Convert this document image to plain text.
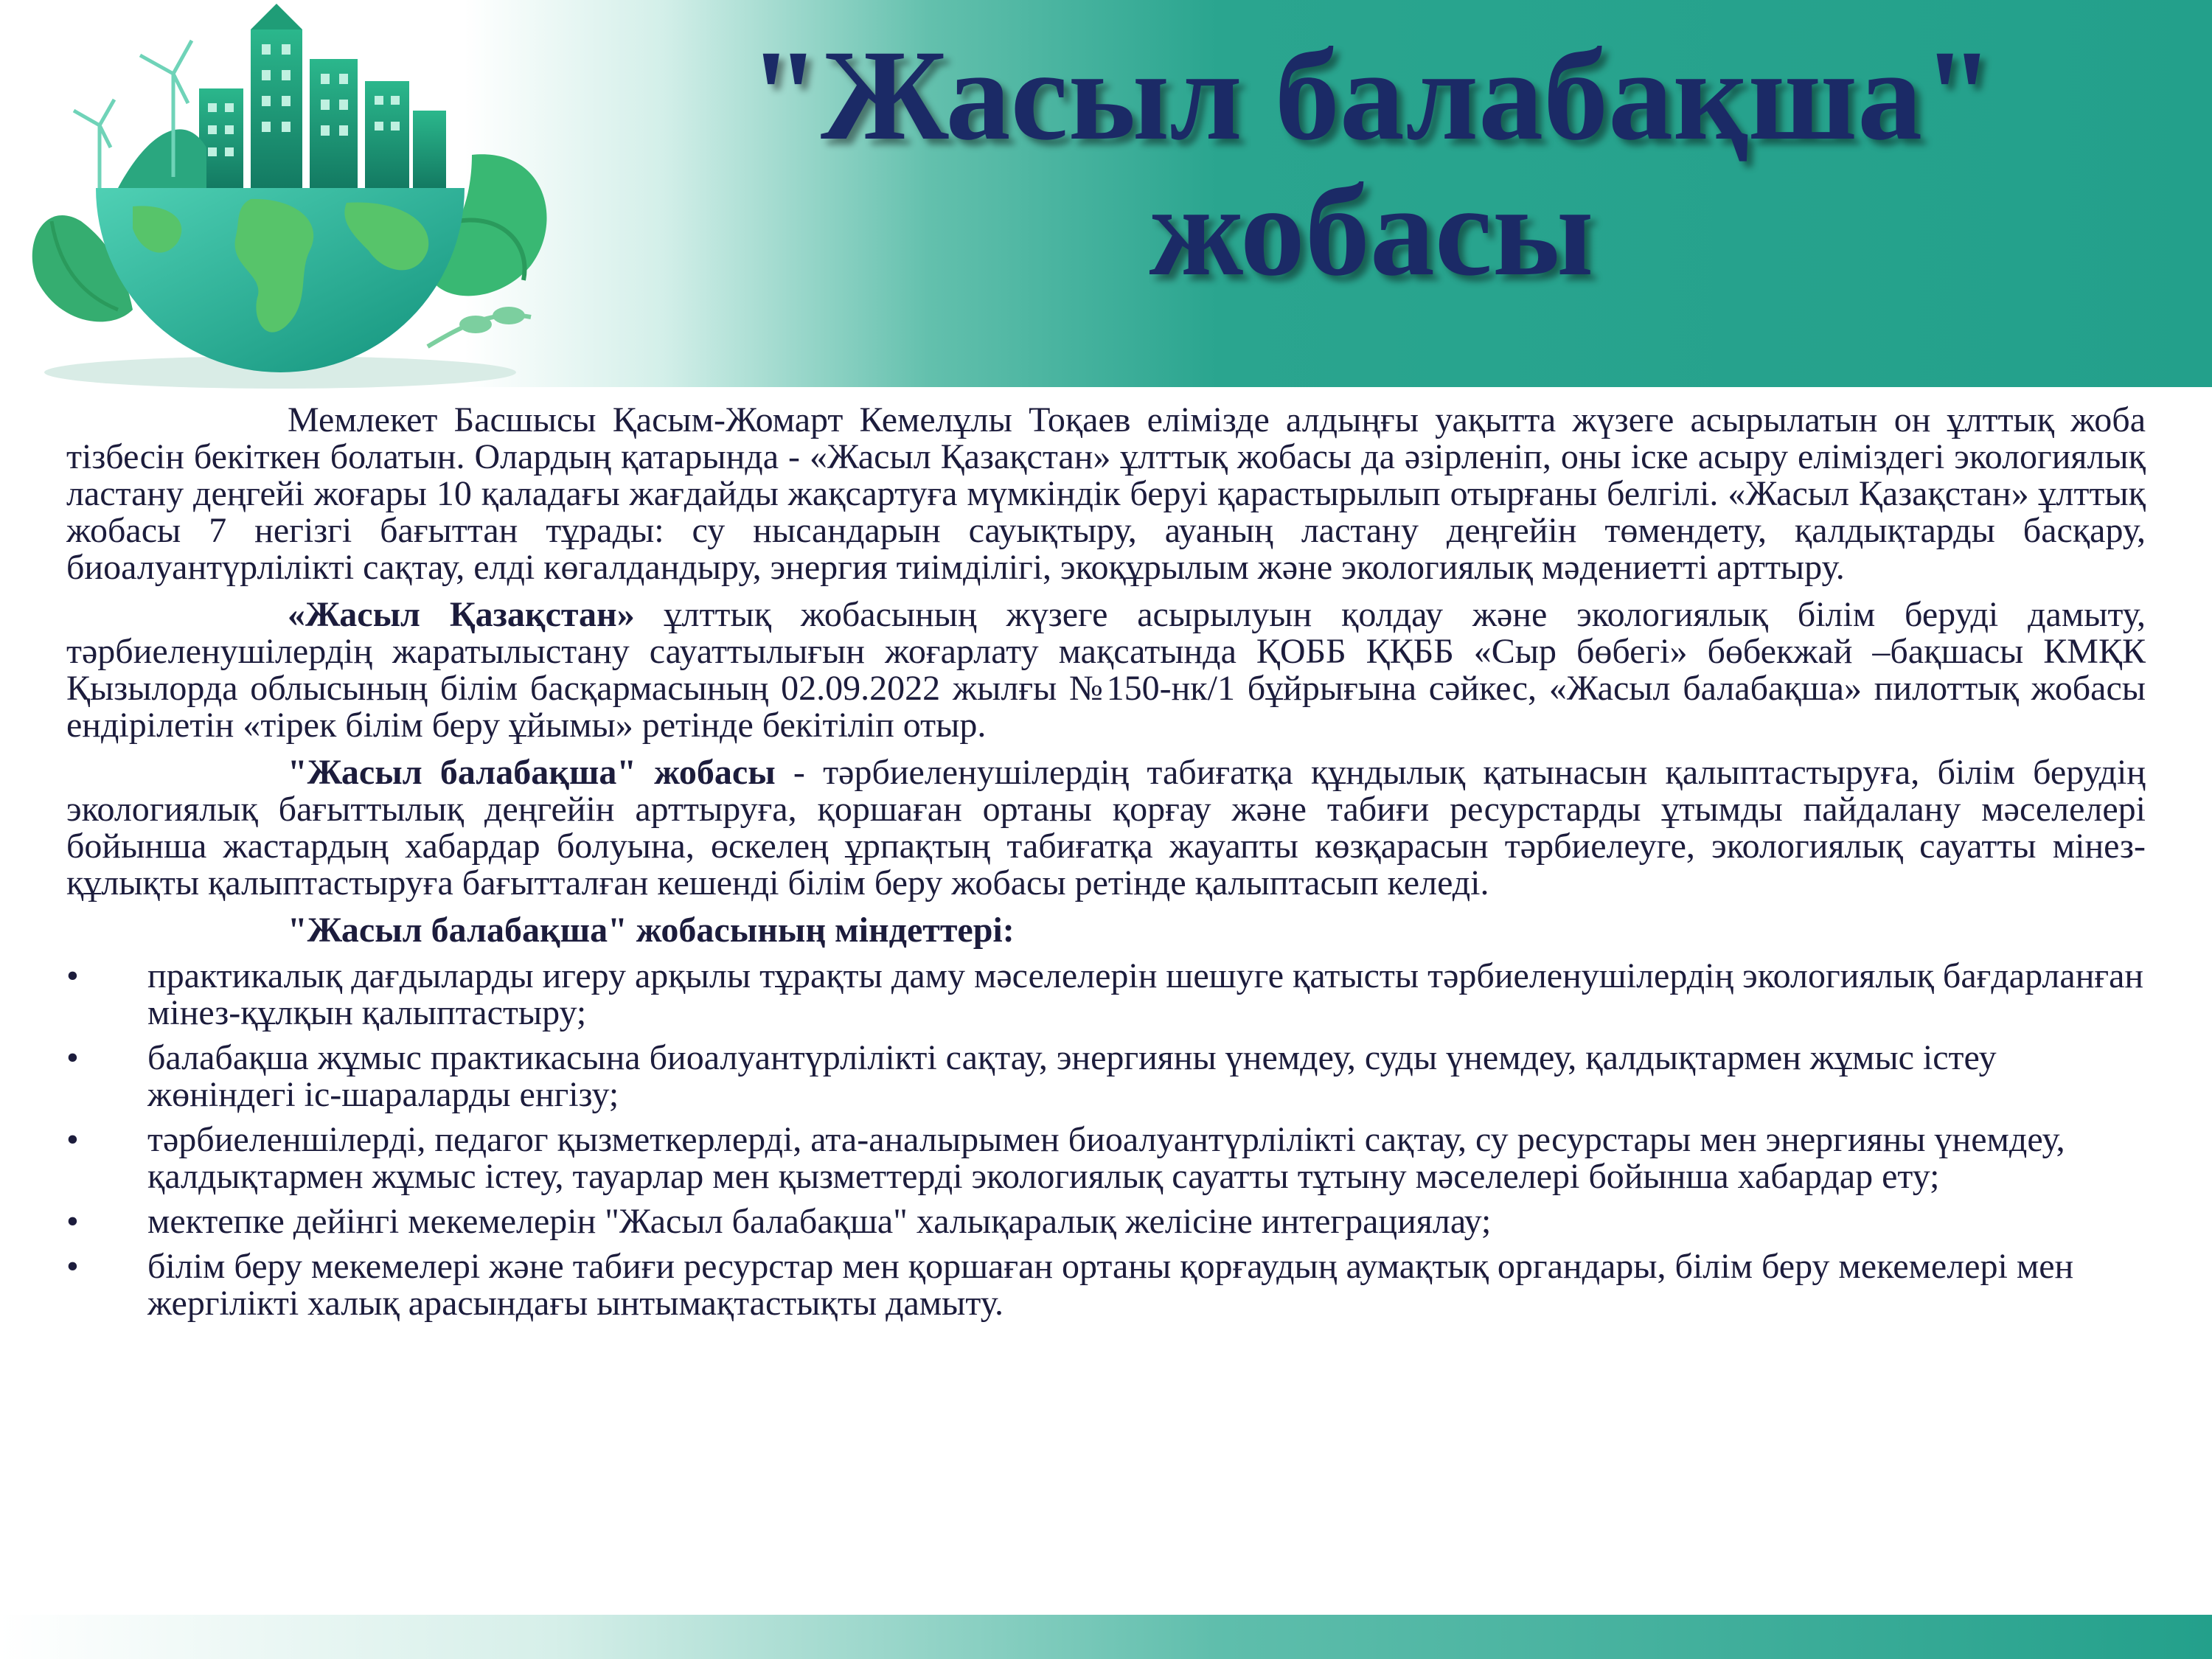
"Жасыл балабақша"
жобасы

Мемлекет Басшысы Қасым-Жомарт Кемелұлы Тоқаев елімізде алдыңғы уақытта жүзеге асырылатын он ұлттық жоба тізбесін бекіткен болатын. Олардың қатарында - «Жасыл Қазақстан» ұлттық жобасы да әзірленіп, оны іске асыру еліміздегі экологиялық ластану деңгейі жоғары 10 қаладағы жағдайды жақсартуға мүмкіндік беруі қарастырылып отырғаны белгілі. «Жасыл Қазақстан» ұлттық жобасы 7 негізгі бағыттан тұрады: су нысандарын сауықтыру, ауаның ластану деңгейін төмендету, қалдықтарды басқару, биоалуантүрлілікті сақтау, елді көгалдандыру, энергия тиімділігі, экоқұрылым және экологиялық мәдениетті арттыру.

«Жасыл Қазақстан» ұлттық жобасының жүзеге асырылуын қолдау және экологиялық білім беруді дамыту, тәрбиеленушілердің жаратылыстану сауаттылығын жоғарлату мақсатында ҚОББ ҚҚББ «Сыр бөбегі» бөбекжай –бақшасы КМҚК Қызылорда облысының білім басқармасының 02.09.2022 жылғы №150-нк/1 бұйрығына сәйкес, «Жасыл балабақша» пилоттық жобасы ендірілетін «тірек білім беру ұйымы» ретінде бекітіліп отыр.

"Жасыл балабақша" жобасы - тәрбиеленушілердің табиғатқа құндылық қатынасын қалыптастыруға, білім берудің экологиялық бағыттылық деңгейін арттыруға, қоршаған ортаны қорғау және табиғи ресурстарды ұтымды пайдалану мәселелері бойынша жастардың хабардар болуына, өскелең ұрпақтың табиғатқа жауапты көзқарасын тәрбиелеуге, экологиялық сауатты мінез-құлықты қалыптастыруға бағытталған кешенді білім беру жобасы ретінде қалыптасып келеді.

"Жасыл балабақша" жобасының міндеттері:

• практикалық дағдыларды игеру арқылы тұрақты даму мәселелерін шешуге қатысты тәрбиеленушілердің экологиялық бағдарланған мінез-құлқын қалыптастыру;
• балабақша жұмыс практикасына биоалуантүрлілікті сақтау, энергияны үнемдеу, суды үнемдеу, қалдықтармен жұмыс істеу жөніндегі іс-шараларды енгізу;
• тәрбиеленшілерді, педагог қызметкерлерді, ата-аналырымен биоалуантүрлілікті сақтау, су ресурстары мен энергияны үнемдеу, қалдықтармен жұмыс істеу, тауарлар мен қызметтерді экологиялық сауатты тұтыну мәселелері бойынша хабардар ету;
• мектепке дейінгі мекемелерін "Жасыл балабақша" халықаралық желісіне интеграциялау;
• білім беру мекемелері және табиғи ресурстар мен қоршаған ортаны қорғаудың аумақтық органдары, білім беру мекемелері мен жергілікті халық арасындағы ынтымақтастықты дамыту.
